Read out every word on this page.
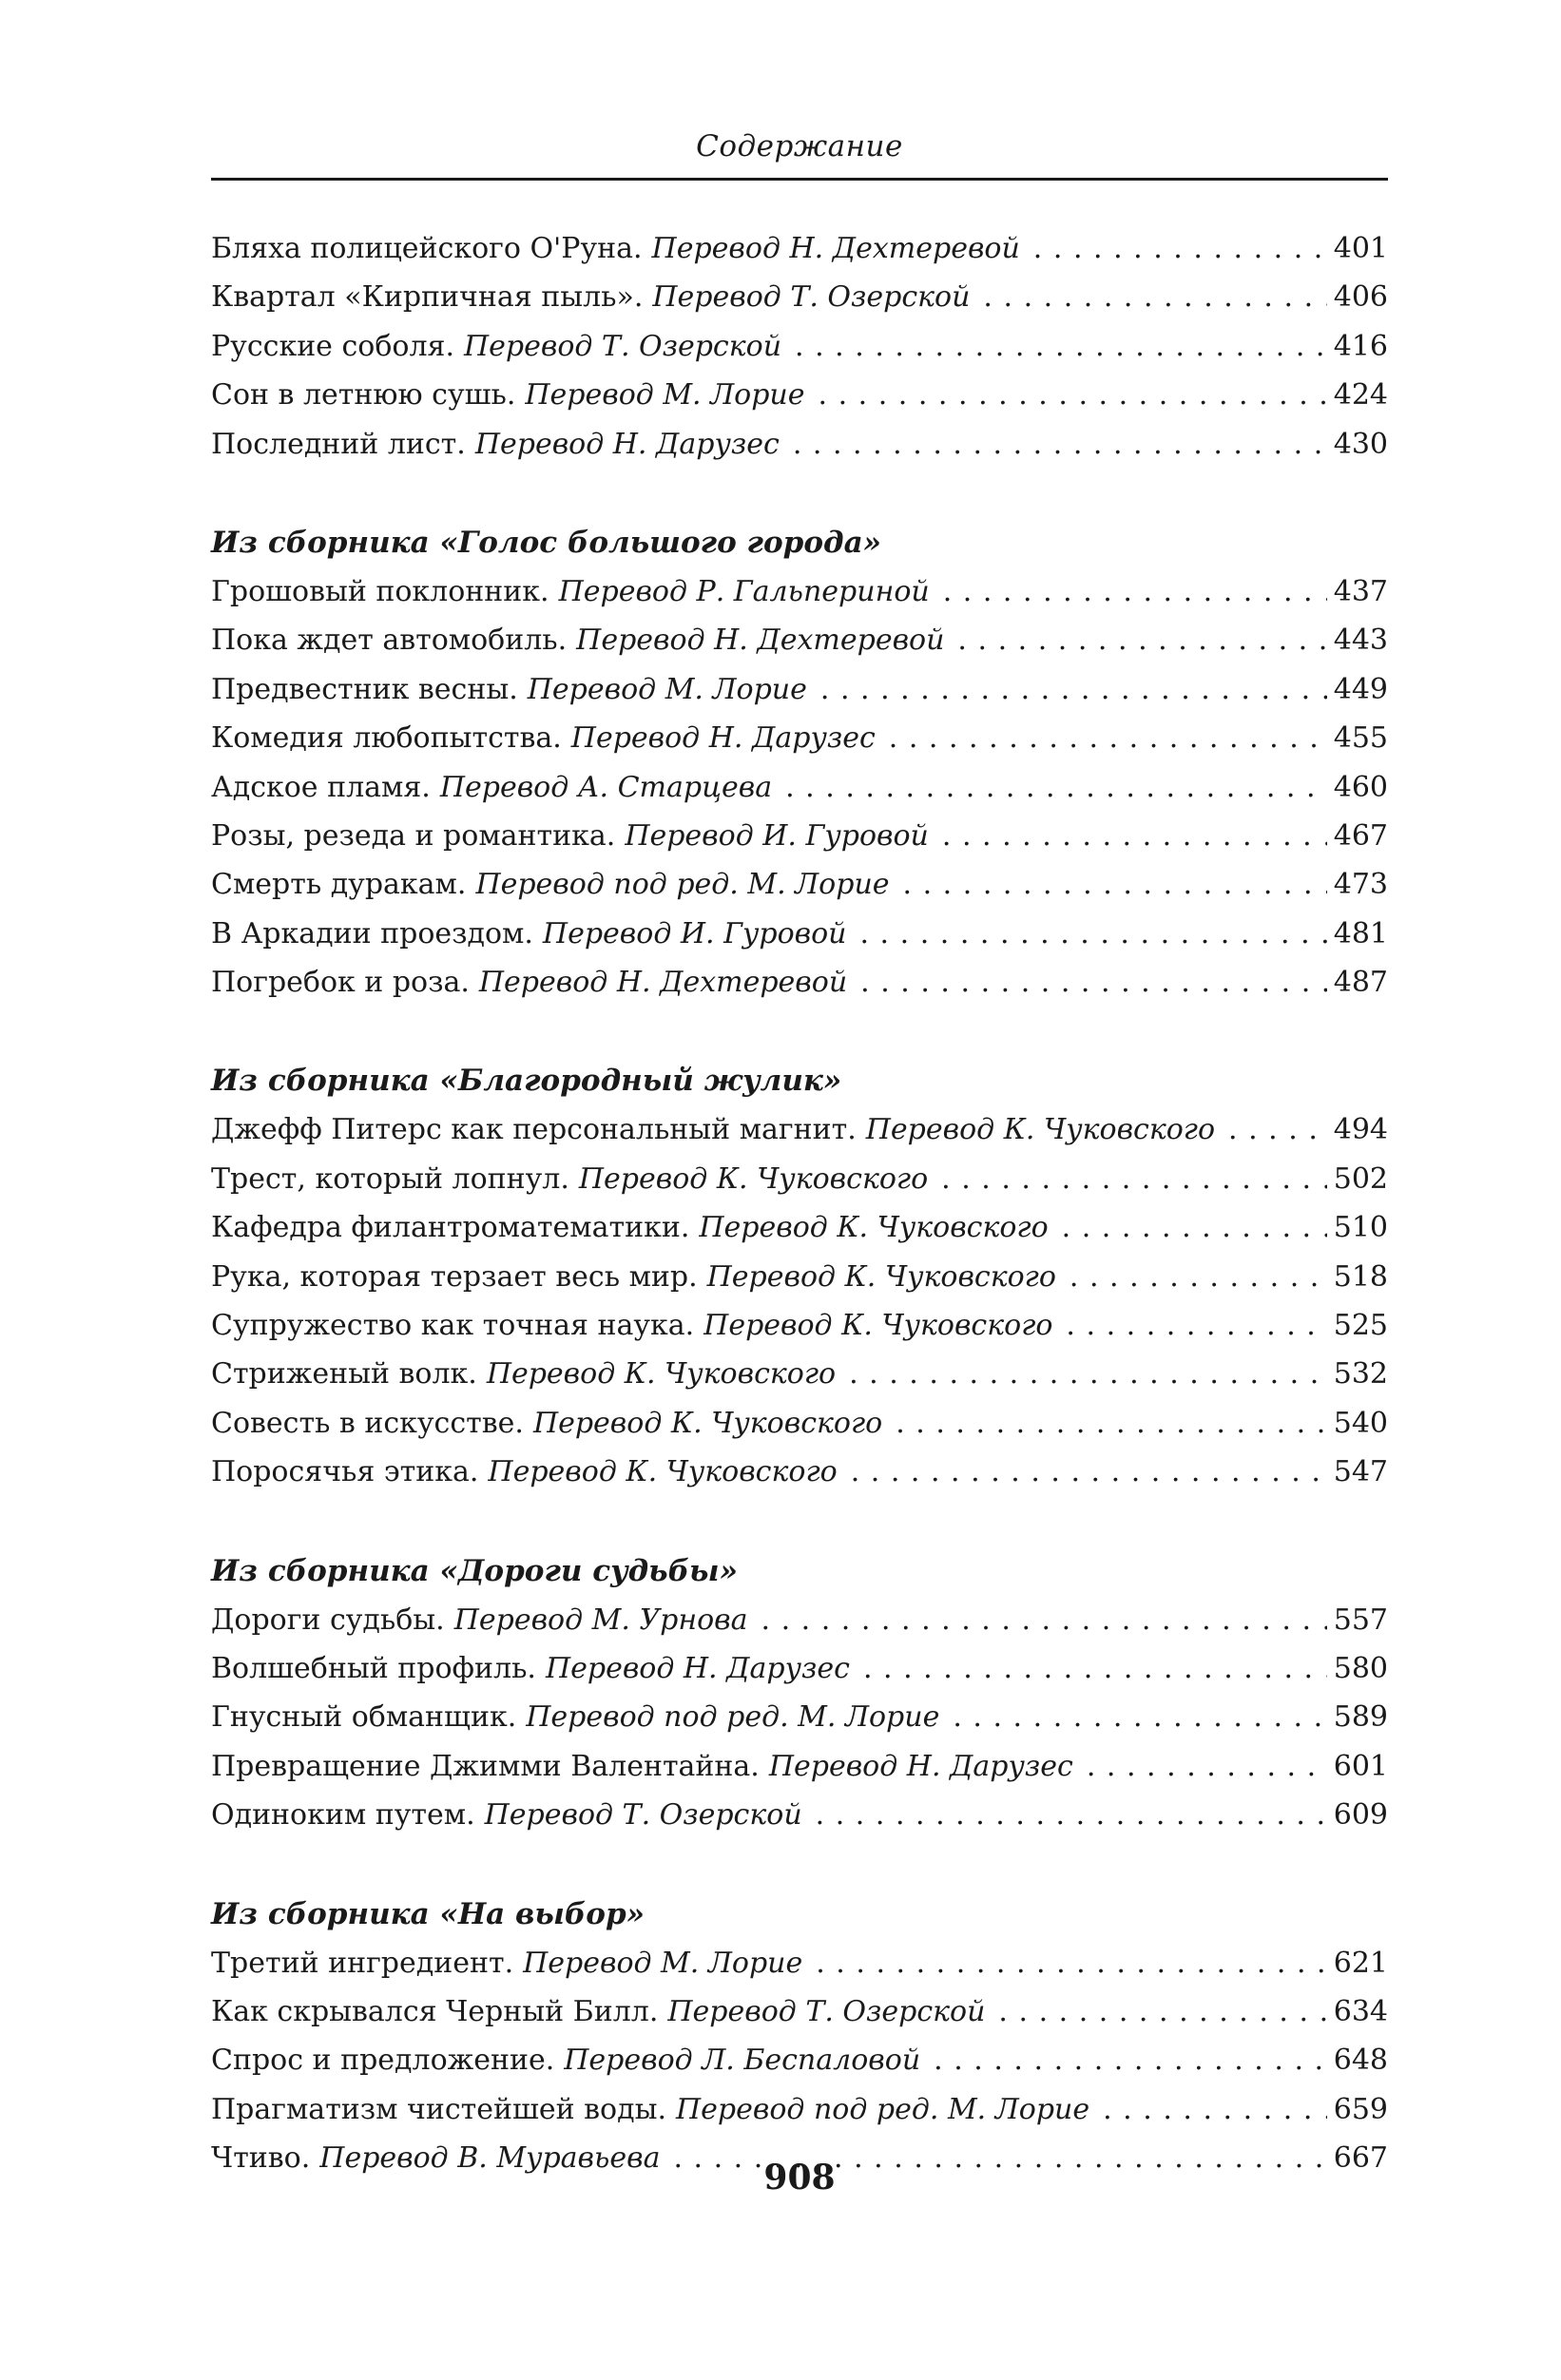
Содержание
Бляха полицейского О'Руна. Перевод Н. Дехтеревой . . .	401
Квартал «Кирпичная пыль». Перевод Т. Озерской . . .	406
Русские соболя. Перевод Т. Озерской . . .	416
Сон в летнюю сушь. Перевод М. Лорие . . .	424
Последний лист. Перевод Н. Дарузес . . .	430
Из сборника «Голос большого города»
Грошовый поклонник. Перевод Р. Гальпериной . . .	437
Пока ждет автомобиль. Перевод Н. Дехтеревой . . .	443
Предвестник весны. Перевод М. Лорие . . .	449
Комедия любопытства. Перевод Н. Дарузес . . .	455
Адское пламя. Перевод А. Старцева . . .	460
Розы, резеда и романтика. Перевод И. Гуровой . . .	467
Смерть дуракам. Перевод под ред. М. Лорие . . .	473
В Аркадии проездом. Перевод И. Гуровой . . .	481
Погребок и роза. Перевод Н. Дехтеревой . . .	487
Из сборника «Благородный жулик»
Джефф Питерс как персональный магнит. Перевод К. Чуковского . . .	494
Трест, который лопнул. Перевод К. Чуковского . . .	502
Кафедра филантроматематики. Перевод К. Чуковского . . .	510
Рука, которая терзает весь мир. Перевод К. Чуковского . . .	518
Супружество как точная наука. Перевод К. Чуковского . . .	525
Стриженый волк. Перевод К. Чуковского . . .	532
Совесть в искусстве. Перевод К. Чуковского . . .	540
Поросячья этика. Перевод К. Чуковского . . .	547
Из сборника «Дороги судьбы»
Дороги судьбы. Перевод М. Урнова . . .	557
Волшебный профиль. Перевод Н. Дарузес . . .	580
Гнусный обманщик. Перевод под ред. М. Лорие . . .	589
Превращение Джимми Валентайна. Перевод Н. Дарузес . . .	601
Одиноким путем. Перевод Т. Озерской . . .	609
Из сборника «На выбор»
Третий ингредиент. Перевод М. Лорие . . .	621
Как скрывался Черный Билл. Перевод Т. Озерской . . .	634
Спрос и предложение. Перевод Л. Беспаловой . . .	648
Прагматизм чистейшей воды. Перевод под ред. М. Лорие . . .	659
Чтиво. Перевод В. Муравьева . . .	667
908
